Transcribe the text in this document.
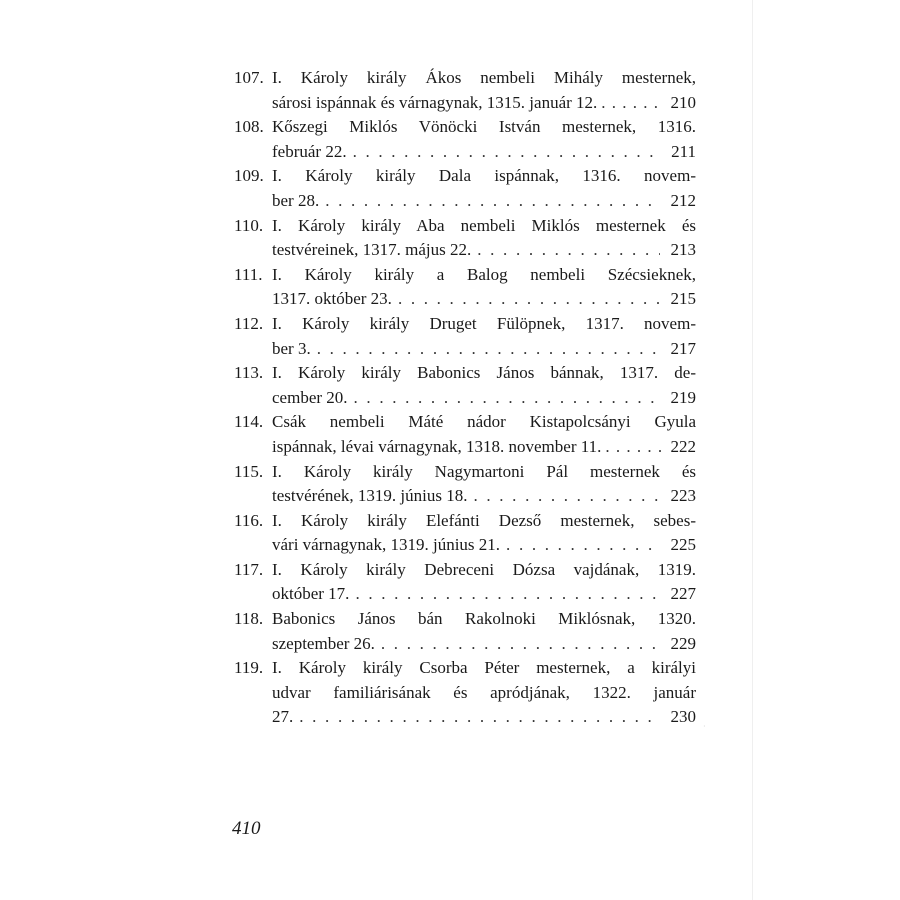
107. I. Károly király Ákos nembeli Mihály mesternek,
sárosi ispánnak és várnagynak, 1315. január 12. . . .	210
108. Kőszegi Miklós Vönöcki István mesternek, 1316.
február 22. . . .	211
109. I. Károly király Dala ispánnak, 1316. novem-
ber 28. . . .	212
110. I. Károly király Aba nembeli Miklós mesternek és
testvéreinek, 1317. május 22. . . .	213
111. I. Károly király a Balog nembeli Szécsieknek,
1317. október 23. . . .	215
112. I. Károly király Druget Fülöpnek, 1317. novem-
ber 3. . . .	217
113. I. Károly király Babonics János bánnak, 1317. de-
cember 20. . . .	219
114. Csák nembeli Máté nádor Kistapolcsányi Gyula
ispánnak, lévai várnagynak, 1318. november 11. . . .	222
115. I. Károly király Nagymartoni Pál mesternek és
testvérének, 1319. június 18. . . .	223
116. I. Károly király Elefánti Dezső mesternek, sebes-
vári várnagynak, 1319. június 21. . . .	225
117. I. Károly király Debreceni Dózsa vajdának, 1319.
október 17. . . .	227
118. Babonics János bán Rakolnoki Miklósnak, 1320.
szeptember 26. . . .	229
119. I. Károly király Csorba Péter mesternek, a királyi
udvar familiárisának és apródjának, 1322. január
27. . . .	230
410
·
